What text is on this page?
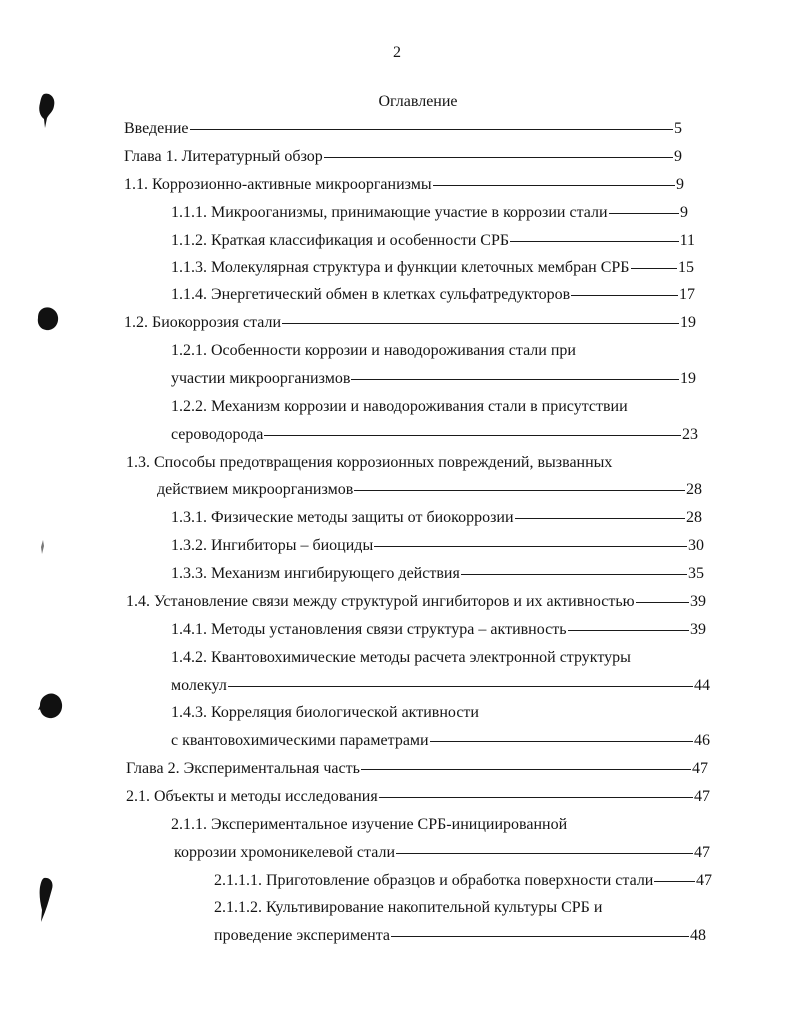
2
Оглавление
Введение	5
Глава 1. Литературный обзор	9
1.1. Коррозионно-активные микроорганизмы	9
1.1.1. Микрооганизмы, принимающие участие в коррозии стали	9
1.1.2. Краткая классификация и особенности СРБ	11
1.1.3. Молекулярная структура и функции клеточных мембран СРБ	15
1.1.4. Энергетический обмен в клетках сульфатредукторов	17
1.2. Биокоррозия стали	19
1.2.1. Особенности коррозии и наводороживания стали при
участии микроорганизмов	19
1.2.2. Механизм коррозии и наводороживания стали в присутствии
сероводорода	23
1.3. Способы предотвращения коррозионных повреждений, вызванных
действием микроорганизмов	28
1.3.1. Физические методы защиты от биокоррозии	28
1.3.2. Ингибиторы – биоциды	30
1.3.3. Механизм ингибирующего действия	35
1.4. Установление связи между структурой ингибиторов и их активностью	39
1.4.1. Методы установления связи структура – активность	39
1.4.2. Квантовохимические методы расчета электронной структуры
молекул	44
1.4.3. Корреляция биологической активности
с квантовохимическими параметрами	46
Глава 2. Экспериментальная часть	47
2.1. Объекты и методы исследования	47
2.1.1. Экспериментальное изучение СРБ-инициированной
коррозии хромоникелевой стали	47
2.1.1.1. Приготовление образцов и обработка поверхности стали	47
2.1.1.2. Культивирование накопительной культуры СРБ и
проведение эксперимента	48
